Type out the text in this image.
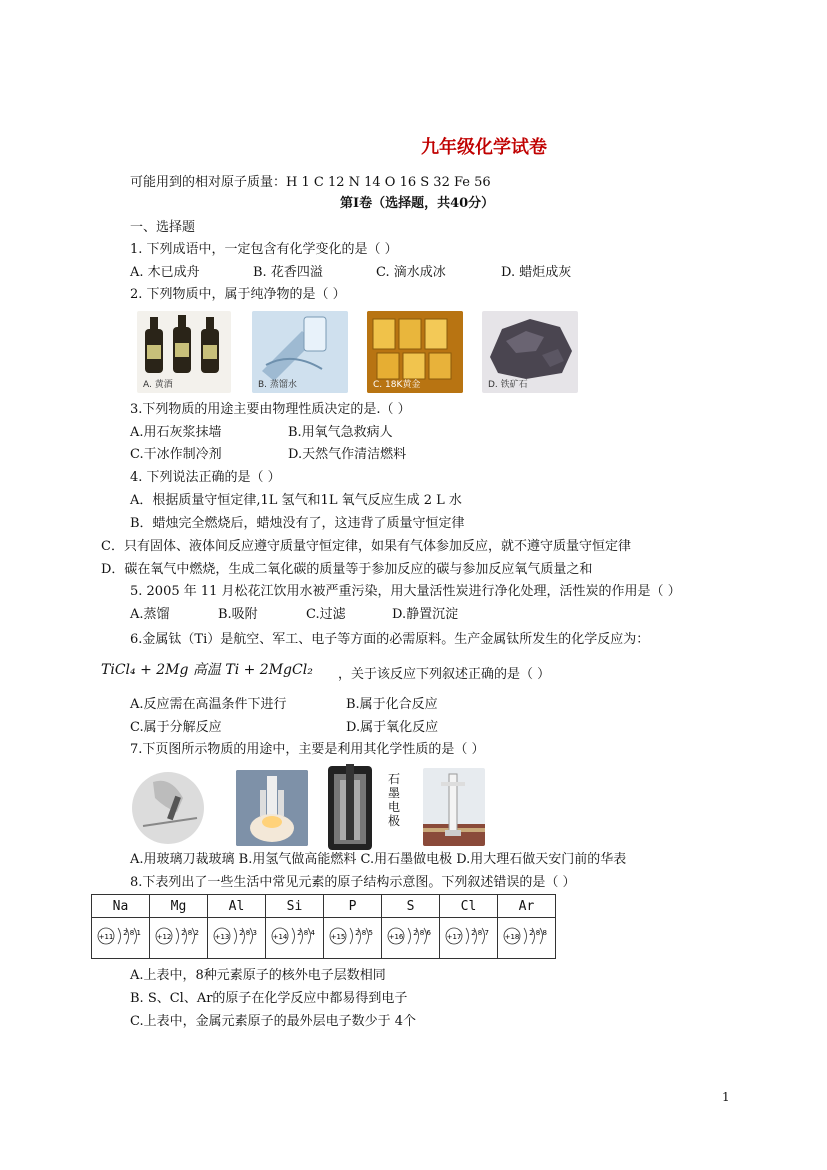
九年级化学试卷
可能用到的相对原子质量：H 1 C 12 N 14 O 16 S 32 Fe 56
第Ⅰ卷（选择题，共40分）
一、选择题
1. 下列成语中，一定包含有化学变化的是（ ）
A. 木已成舟	B. 花香四溢	C. 滴水成冰	D. 蜡炬成灰
2. 下列物质中，属于纯净物的是（ ）
A. 黄酒	B. 蒸馏水	C. 18K黄金	D. 铁矿石
3.下列物质的用途主要由物理性质决定的是.（ ）
A.用石灰浆抹墙	B.用氧气急救病人
C.干冰作制冷剂	D.天然气作清洁燃料
4. 下列说法正确的是（ ）
A．根据质量守恒定律,1L 氢气和1L 氧气反应生成 2 L 水
B．蜡烛完全燃烧后，蜡烛没有了，这违背了质量守恒定律
C．只有固体、液体间反应遵守质量守恒定律，如果有气体参加反应，就不遵守质量守恒定律
D．碳在氧气中燃烧，生成二氧化碳的质量等于参加反应的碳与参加反应氧气质量之和
5. 2005 年 11 月松花江饮用水被严重污染，用大量活性炭进行净化处理，活性炭的作用是（ ）
A.蒸馏	B.吸附	C.过滤	D.静置沉淀
6.金属钛（Ti）是航空、军工、电子等方面的必需原料。生产金属钛所发生的化学反应为：
TiCl₄ + 2Mg 高温 Ti + 2MgCl₂ ，关于该反应下列叙述正确的是（ ）
A.反应需在高温条件下进行	B.属于化合反应
C.属于分解反应	D.属于氧化反应
7.下页图所示物质的用途中，主要是利用其化学性质的是（ ）
石墨电极
A.用玻璃刀裁玻璃 B.用氢气做高能燃料 C.用石墨做电极 D.用大理石做天安门前的华表
8.下表列出了一些生活中常见元素的原子结构示意图。下列叙述错误的是（ ）
Na	Mg	Al	Si	P	S	Cl	Ar

+11 2 8 1	+12 2 8 2	+13 2 8 3	+14 2 8 4	+15 2 8 5	+16 2 8 6	+17 2 8 7	+18 2 8 8
A.上表中，8种元素原子的核外电子层数相同
B. S、Cl、Ar的原子在化学反应中都易得到电子
C.上表中，金属元素原子的最外层电子数少于 4个
1
